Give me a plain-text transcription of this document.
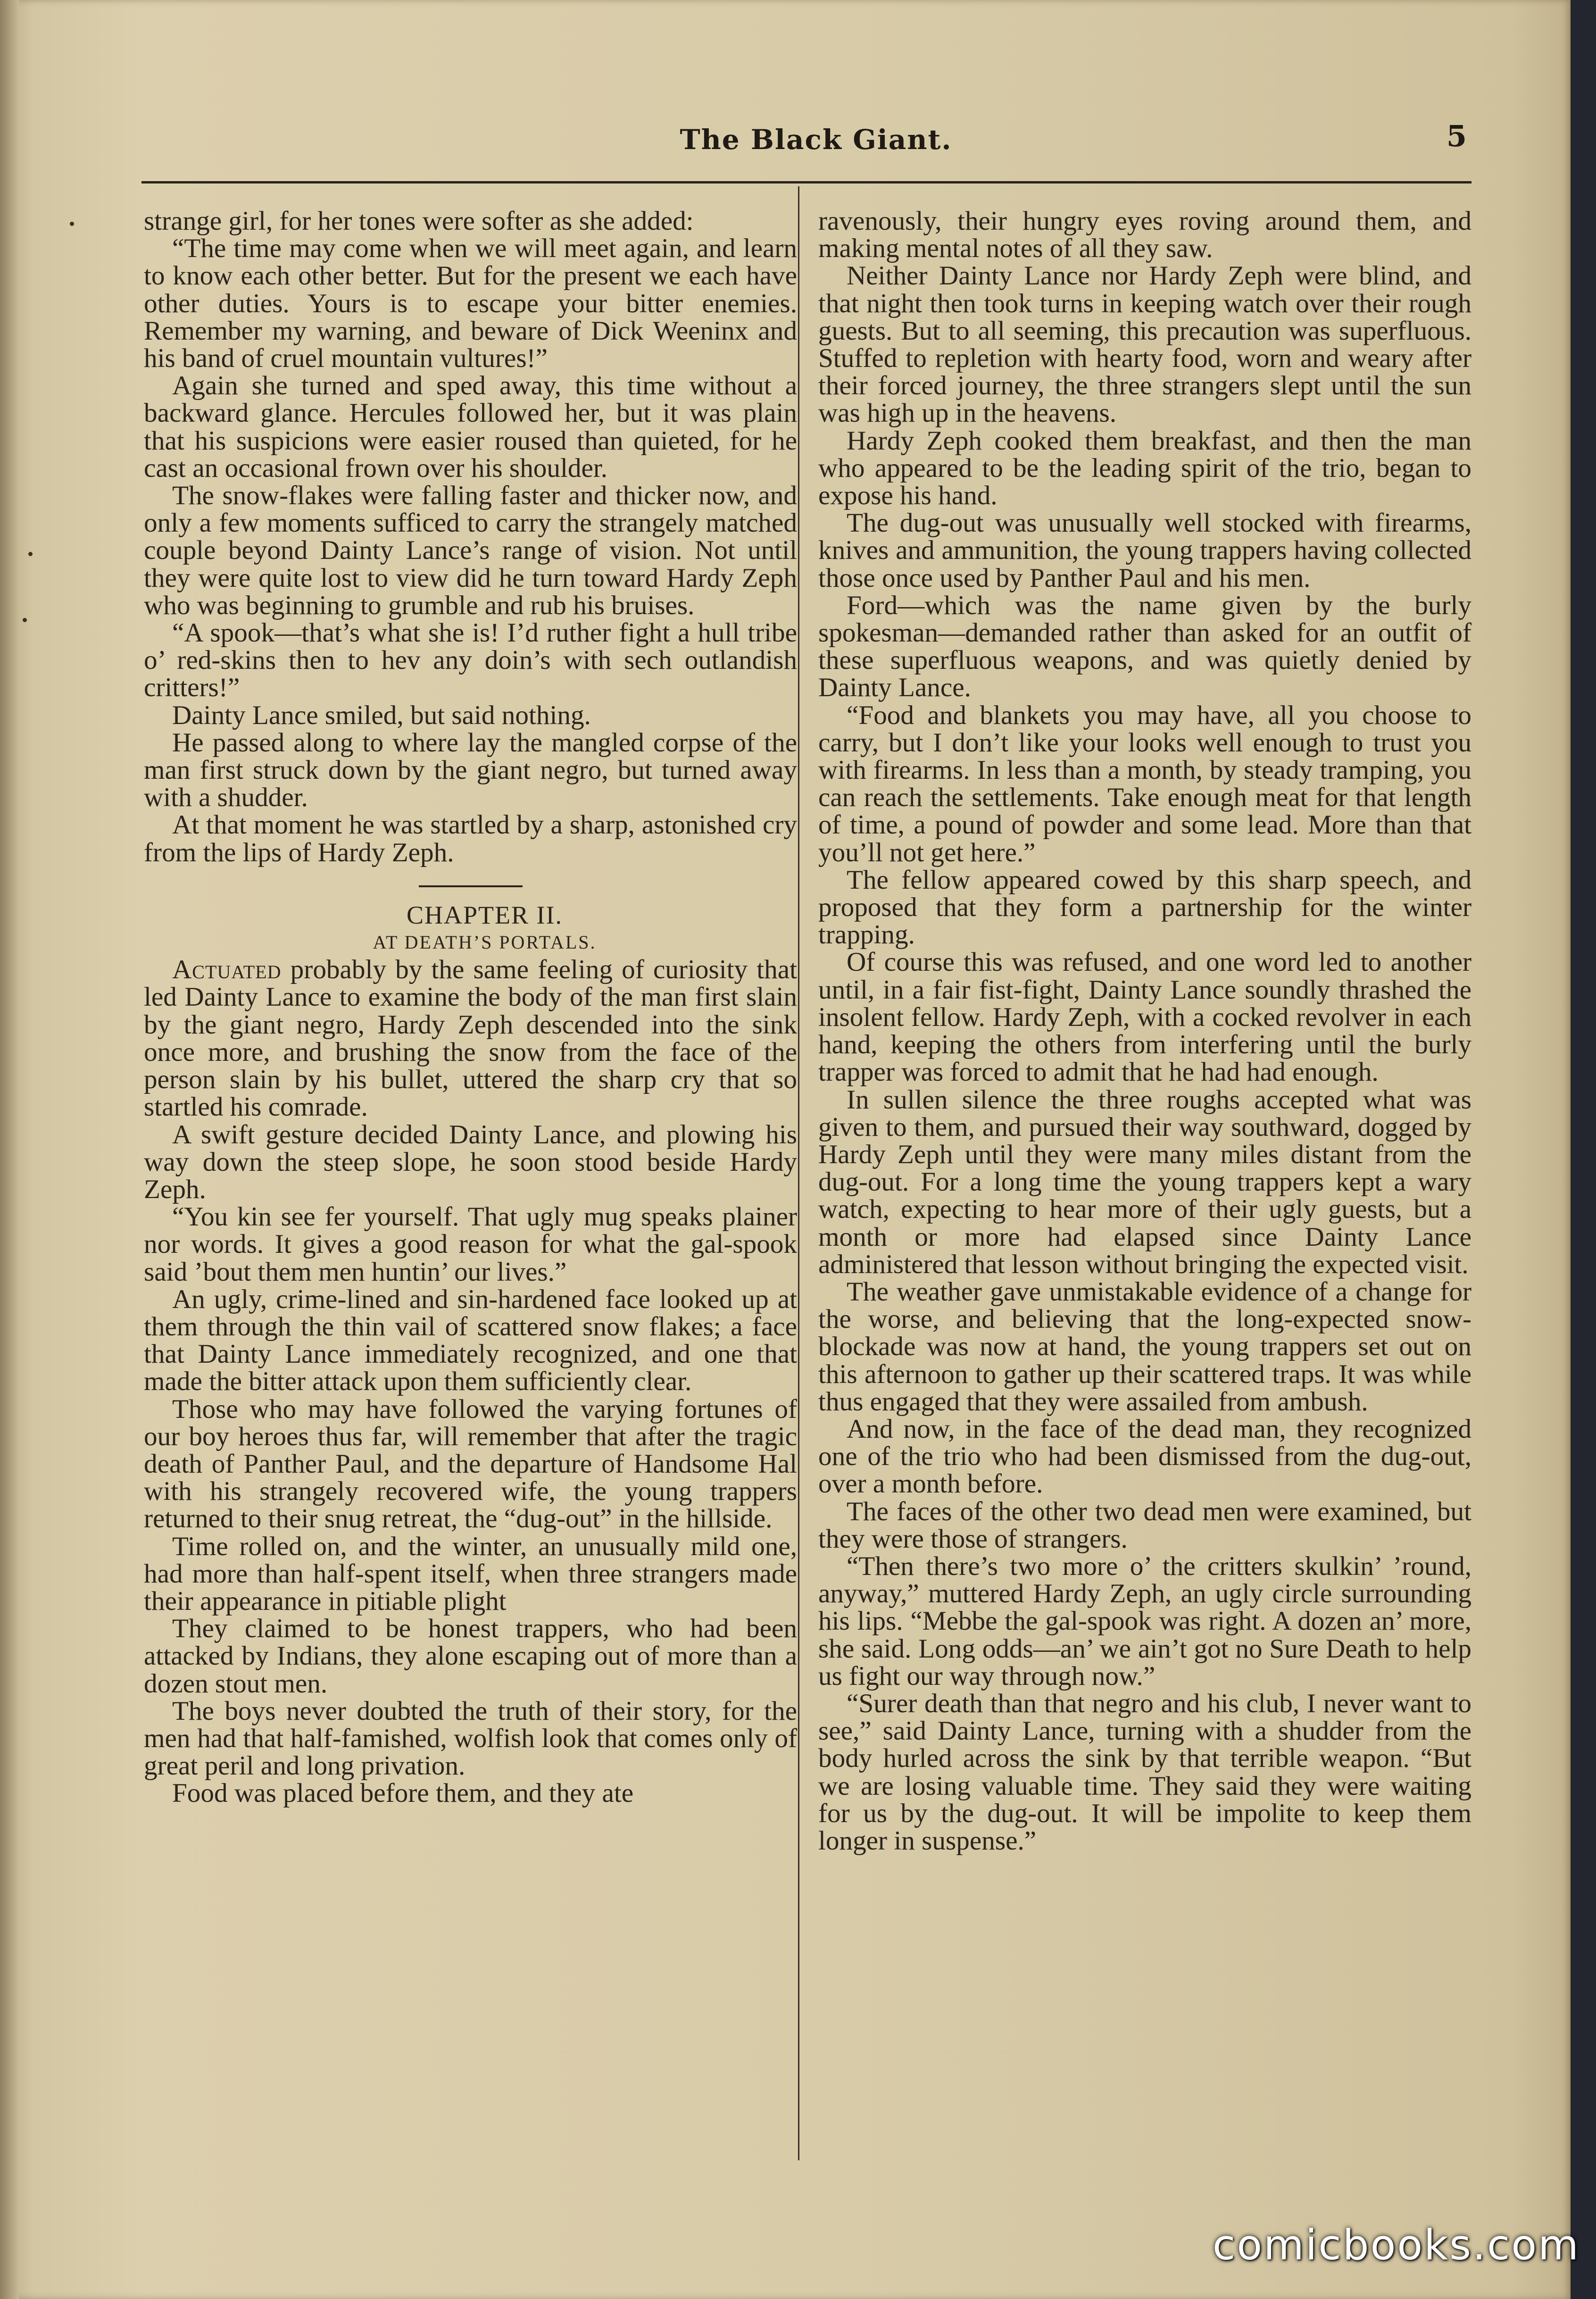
The Black Giant.	5

strange girl, for her tones were softer as she added:

“The time may come when we will meet again, and learn to know each other better. But for the present we each have other duties. Yours is to escape your bitter enemies. Remember my warning, and beware of Dick Weeninx and his band of cruel mountain vultures!”

Again she turned and sped away, this time without a backward glance. Hercules followed her, but it was plain that his suspicions were easier roused than quieted, for he cast an occasional frown over his shoulder.

The snow-flakes were falling faster and thicker now, and only a few moments sufficed to carry the strangely matched couple beyond Dainty Lance’s range of vision. Not until they were quite lost to view did he turn toward Hardy Zeph who was beginning to grumble and rub his bruises.

“A spook—that’s what she is! I’d ruther fight a hull tribe o’ red-skins then to hev any doin’s with sech outlandish critters!”

Dainty Lance smiled, but said nothing.

He passed along to where lay the mangled corpse of the man first struck down by the giant negro, but turned away with a shudder.

At that moment he was startled by a sharp, astonished cry from the lips of Hardy Zeph.

CHAPTER II.

AT DEATH’S PORTALS.

Actuated probably by the same feeling of curiosity that led Dainty Lance to examine the body of the man first slain by the giant negro, Hardy Zeph descended into the sink once more, and brushing the snow from the face of the person slain by his bullet, uttered the sharp cry that so startled his comrade.

A swift gesture decided Dainty Lance, and plowing his way down the steep slope, he soon stood beside Hardy Zeph.

“You kin see fer yourself. That ugly mug speaks plainer nor words. It gives a good reason for what the gal-spook said ’bout them men huntin’ our lives.”

An ugly, crime-lined and sin-hardened face looked up at them through the thin vail of scattered snow flakes; a face that Dainty Lance immediately recognized, and one that made the bitter attack upon them sufficiently clear.

Those who may have followed the varying fortunes of our boy heroes thus far, will remember that after the tragic death of Panther Paul, and the departure of Handsome Hal with his strangely recovered wife, the young trappers returned to their snug retreat, the “dug-out” in the hillside.

Time rolled on, and the winter, an unusually mild one, had more than half-spent itself, when three strangers made their appearance in pitiable plight

They claimed to be honest trappers, who had been attacked by Indians, they alone escaping out of more than a dozen stout men.

The boys never doubted the truth of their story, for the men had that half-famished, wolfish look that comes only of great peril and long privation.

Food was placed before them, and they ate

ravenously, their hungry eyes roving around them, and making mental notes of all they saw.

Neither Dainty Lance nor Hardy Zeph were blind, and that night then took turns in keeping watch over their rough guests. But to all seeming, this precaution was superfluous. Stuffed to repletion with hearty food, worn and weary after their forced journey, the three strangers slept until the sun was high up in the heavens.

Hardy Zeph cooked them breakfast, and then the man who appeared to be the leading spirit of the trio, began to expose his hand.

The dug-out was unusually well stocked with firearms, knives and ammunition, the young trappers having collected those once used by Panther Paul and his men.

Ford—which was the name given by the burly spokesman—demanded rather than asked for an outfit of these superfluous weapons, and was quietly denied by Dainty Lance.

“Food and blankets you may have, all you choose to carry, but I don’t like your looks well enough to trust you with firearms. In less than a month, by steady tramping, you can reach the settlements. Take enough meat for that length of time, a pound of powder and some lead. More than that you’ll not get here.”

The fellow appeared cowed by this sharp speech, and proposed that they form a partnership for the winter trapping.

Of course this was refused, and one word led to another until, in a fair fist-fight, Dainty Lance soundly thrashed the insolent fellow. Hardy Zeph, with a cocked revolver in each hand, keeping the others from interfering until the burly trapper was forced to admit that he had had enough.

In sullen silence the three roughs accepted what was given to them, and pursued their way southward, dogged by Hardy Zeph until they were many miles distant from the dug-out. For a long time the young trappers kept a wary watch, expecting to hear more of their ugly guests, but a month or more had elapsed since Dainty Lance administered that lesson without bringing the expected visit.

The weather gave unmistakable evidence of a change for the worse, and believing that the long-expected snow-blockade was now at hand, the young trappers set out on this afternoon to gather up their scattered traps. It was while thus engaged that they were assailed from ambush.

And now, in the face of the dead man, they recognized one of the trio who had been dismissed from the dug-out, over a month before.

The faces of the other two dead men were examined, but they were those of strangers.

“Then there’s two more o’ the critters skulkin’ ’round, anyway,” muttered Hardy Zeph, an ugly circle surrounding his lips. “Mebbe the gal-spook was right. A dozen an’ more, she said. Long odds—an’ we ain’t got no Sure Death to help us fight our way through now.”

“Surer death than that negro and his club, I never want to see,” said Dainty Lance, turning with a shudder from the body hurled across the sink by that terrible weapon. “But we are losing valuable time. They said they were waiting for us by the dug-out. It will be impolite to keep them longer in suspense.”

comicbooks.com
